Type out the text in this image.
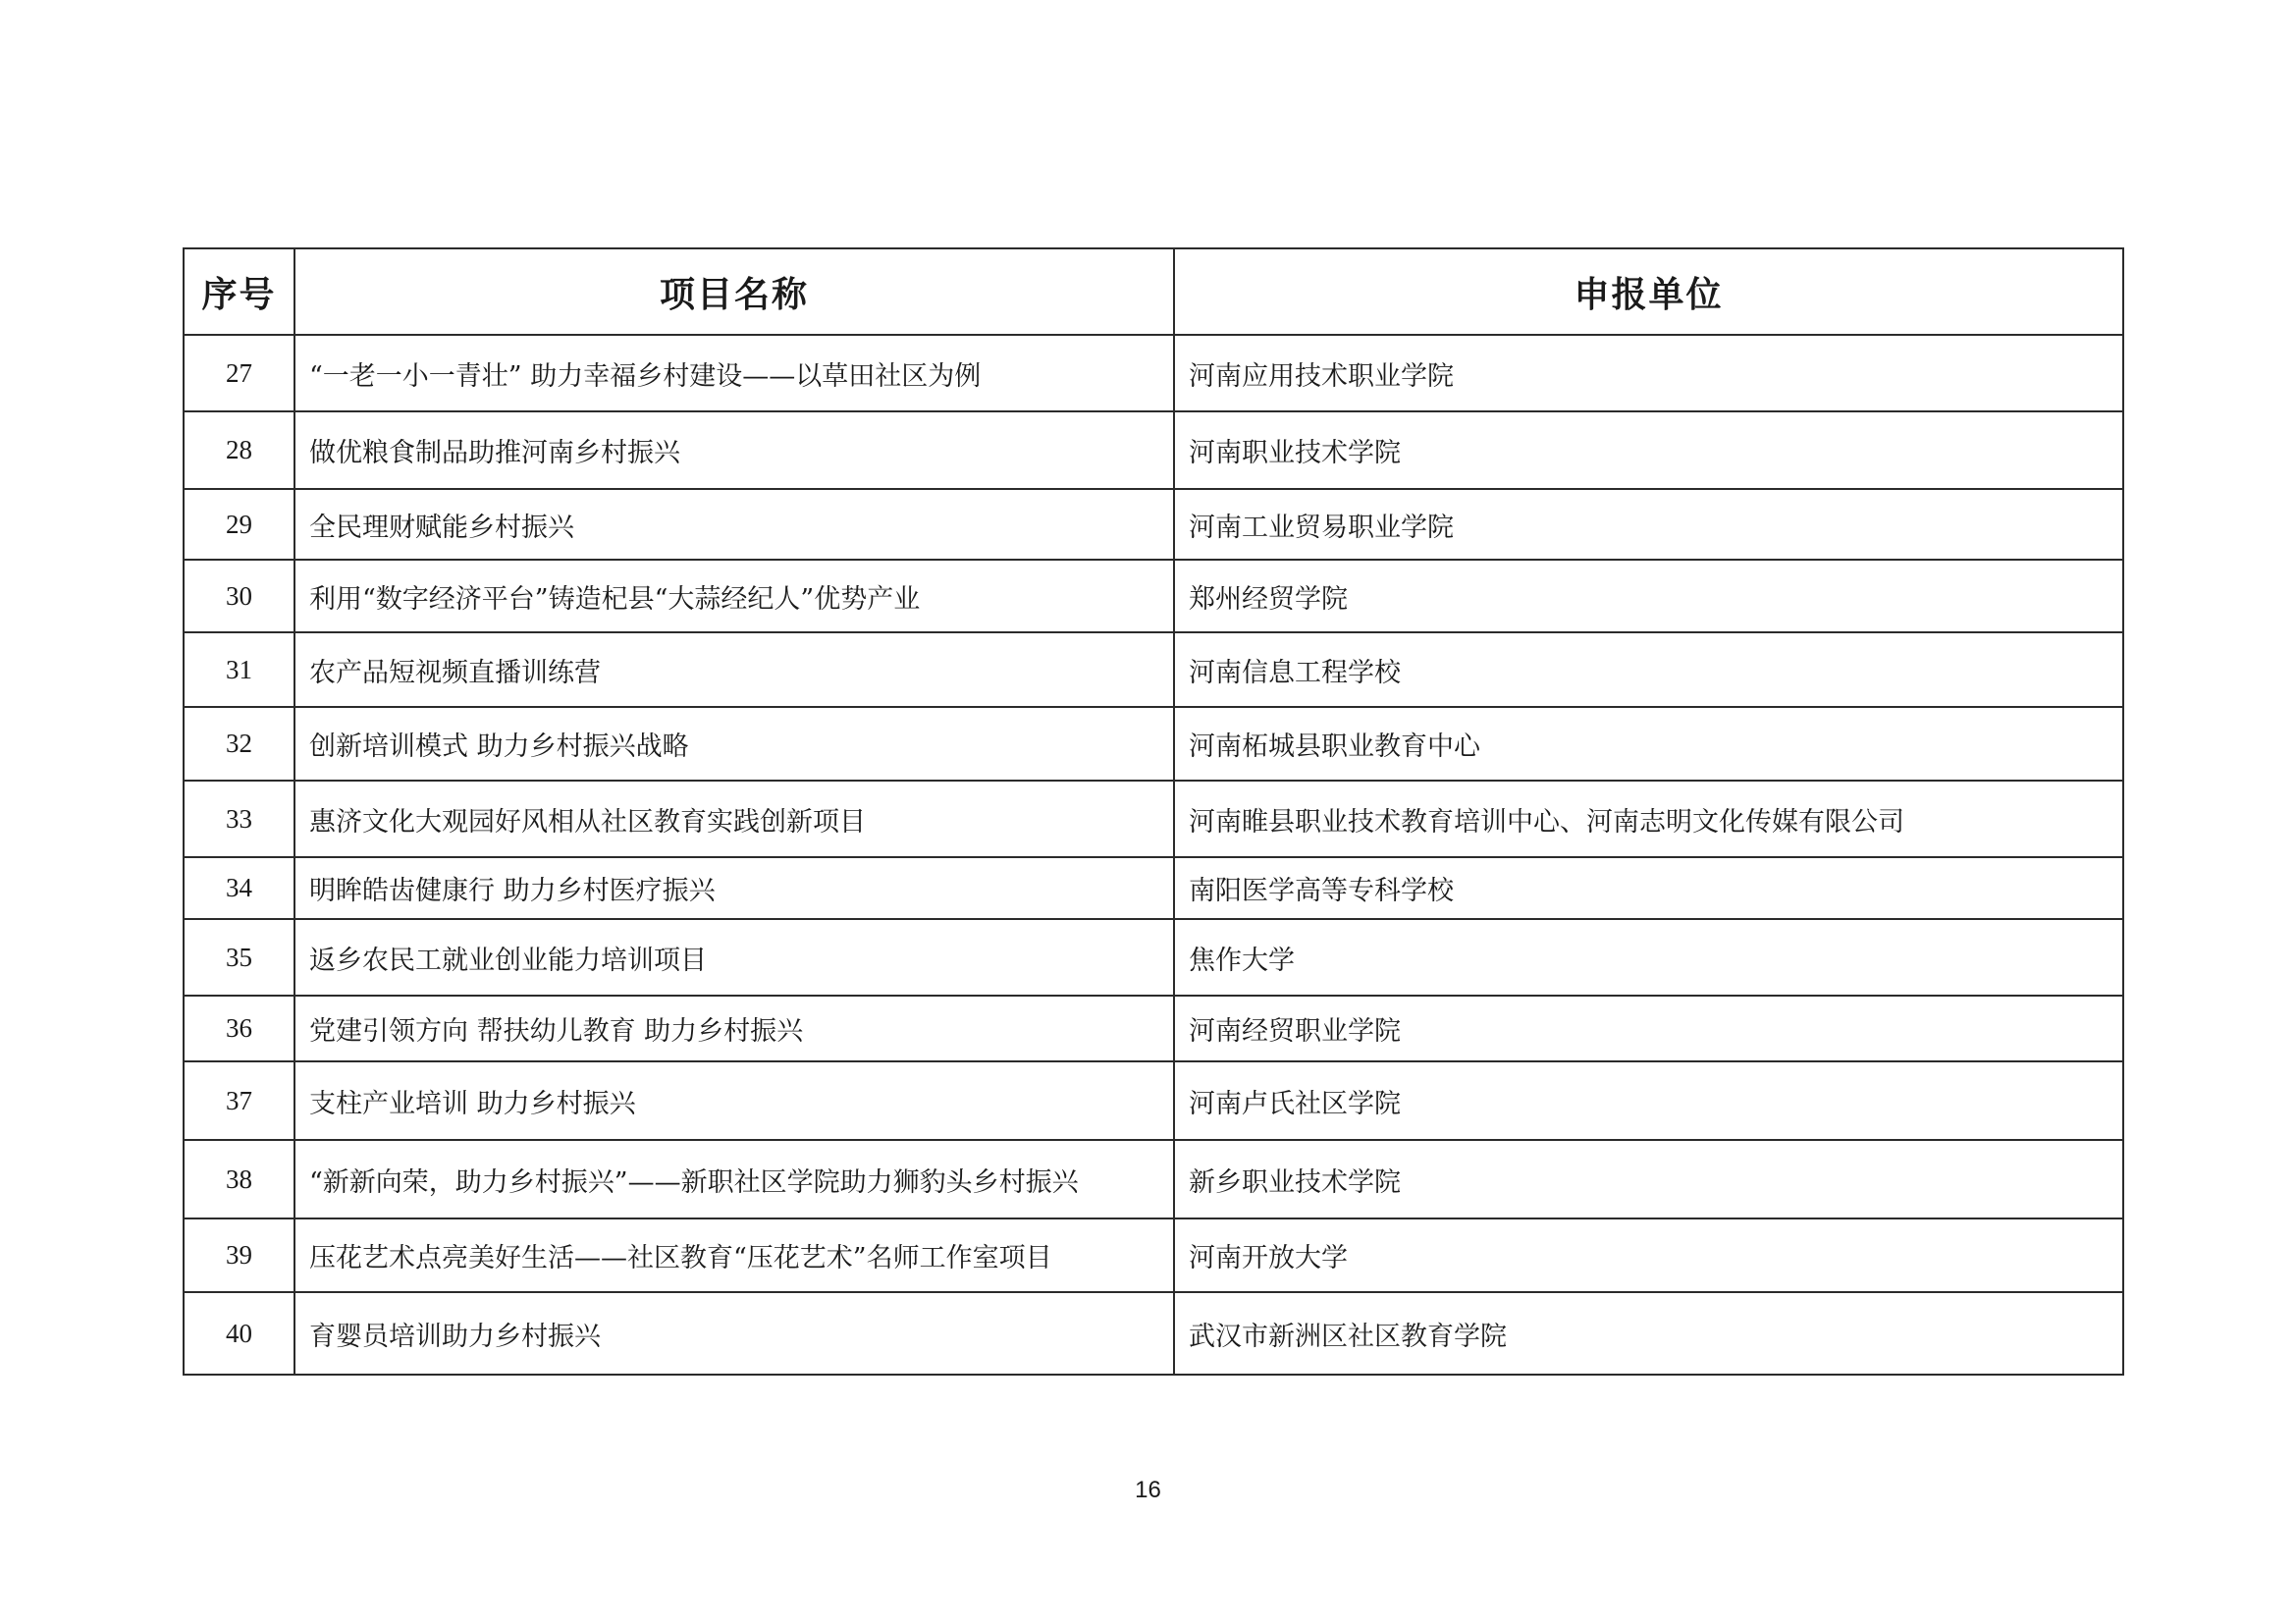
序号	项目名称	申报单位
27	“一老一小一青壮” 助力幸福乡村建设——以草田社区为例	河南应用技术职业学院
28	做优粮食制品助推河南乡村振兴	河南职业技术学院
29	全民理财赋能乡村振兴	河南工业贸易职业学院
30	利用“数字经济平台”铸造杞县“大蒜经纪人”优势产业	郑州经贸学院
31	农产品短视频直播训练营	河南信息工程学校
32	创新培训模式 助力乡村振兴战略	河南柘城县职业教育中心
33	惠济文化大观园好风相从社区教育实践创新项目	河南睢县职业技术教育培训中心、河南志明文化传媒有限公司
34	明眸皓齿健康行 助力乡村医疗振兴	南阳医学高等专科学校
35	返乡农民工就业创业能力培训项目	焦作大学
36	党建引领方向 帮扶幼儿教育 助力乡村振兴	河南经贸职业学院
37	支柱产业培训 助力乡村振兴	河南卢氏社区学院
38	“新新向荣，助力乡村振兴”——新职社区学院助力狮豹头乡村振兴	新乡职业技术学院
39	压花艺术点亮美好生活——社区教育“压花艺术”名师工作室项目	河南开放大学
40	育婴员培训助力乡村振兴	武汉市新洲区社区教育学院
16
